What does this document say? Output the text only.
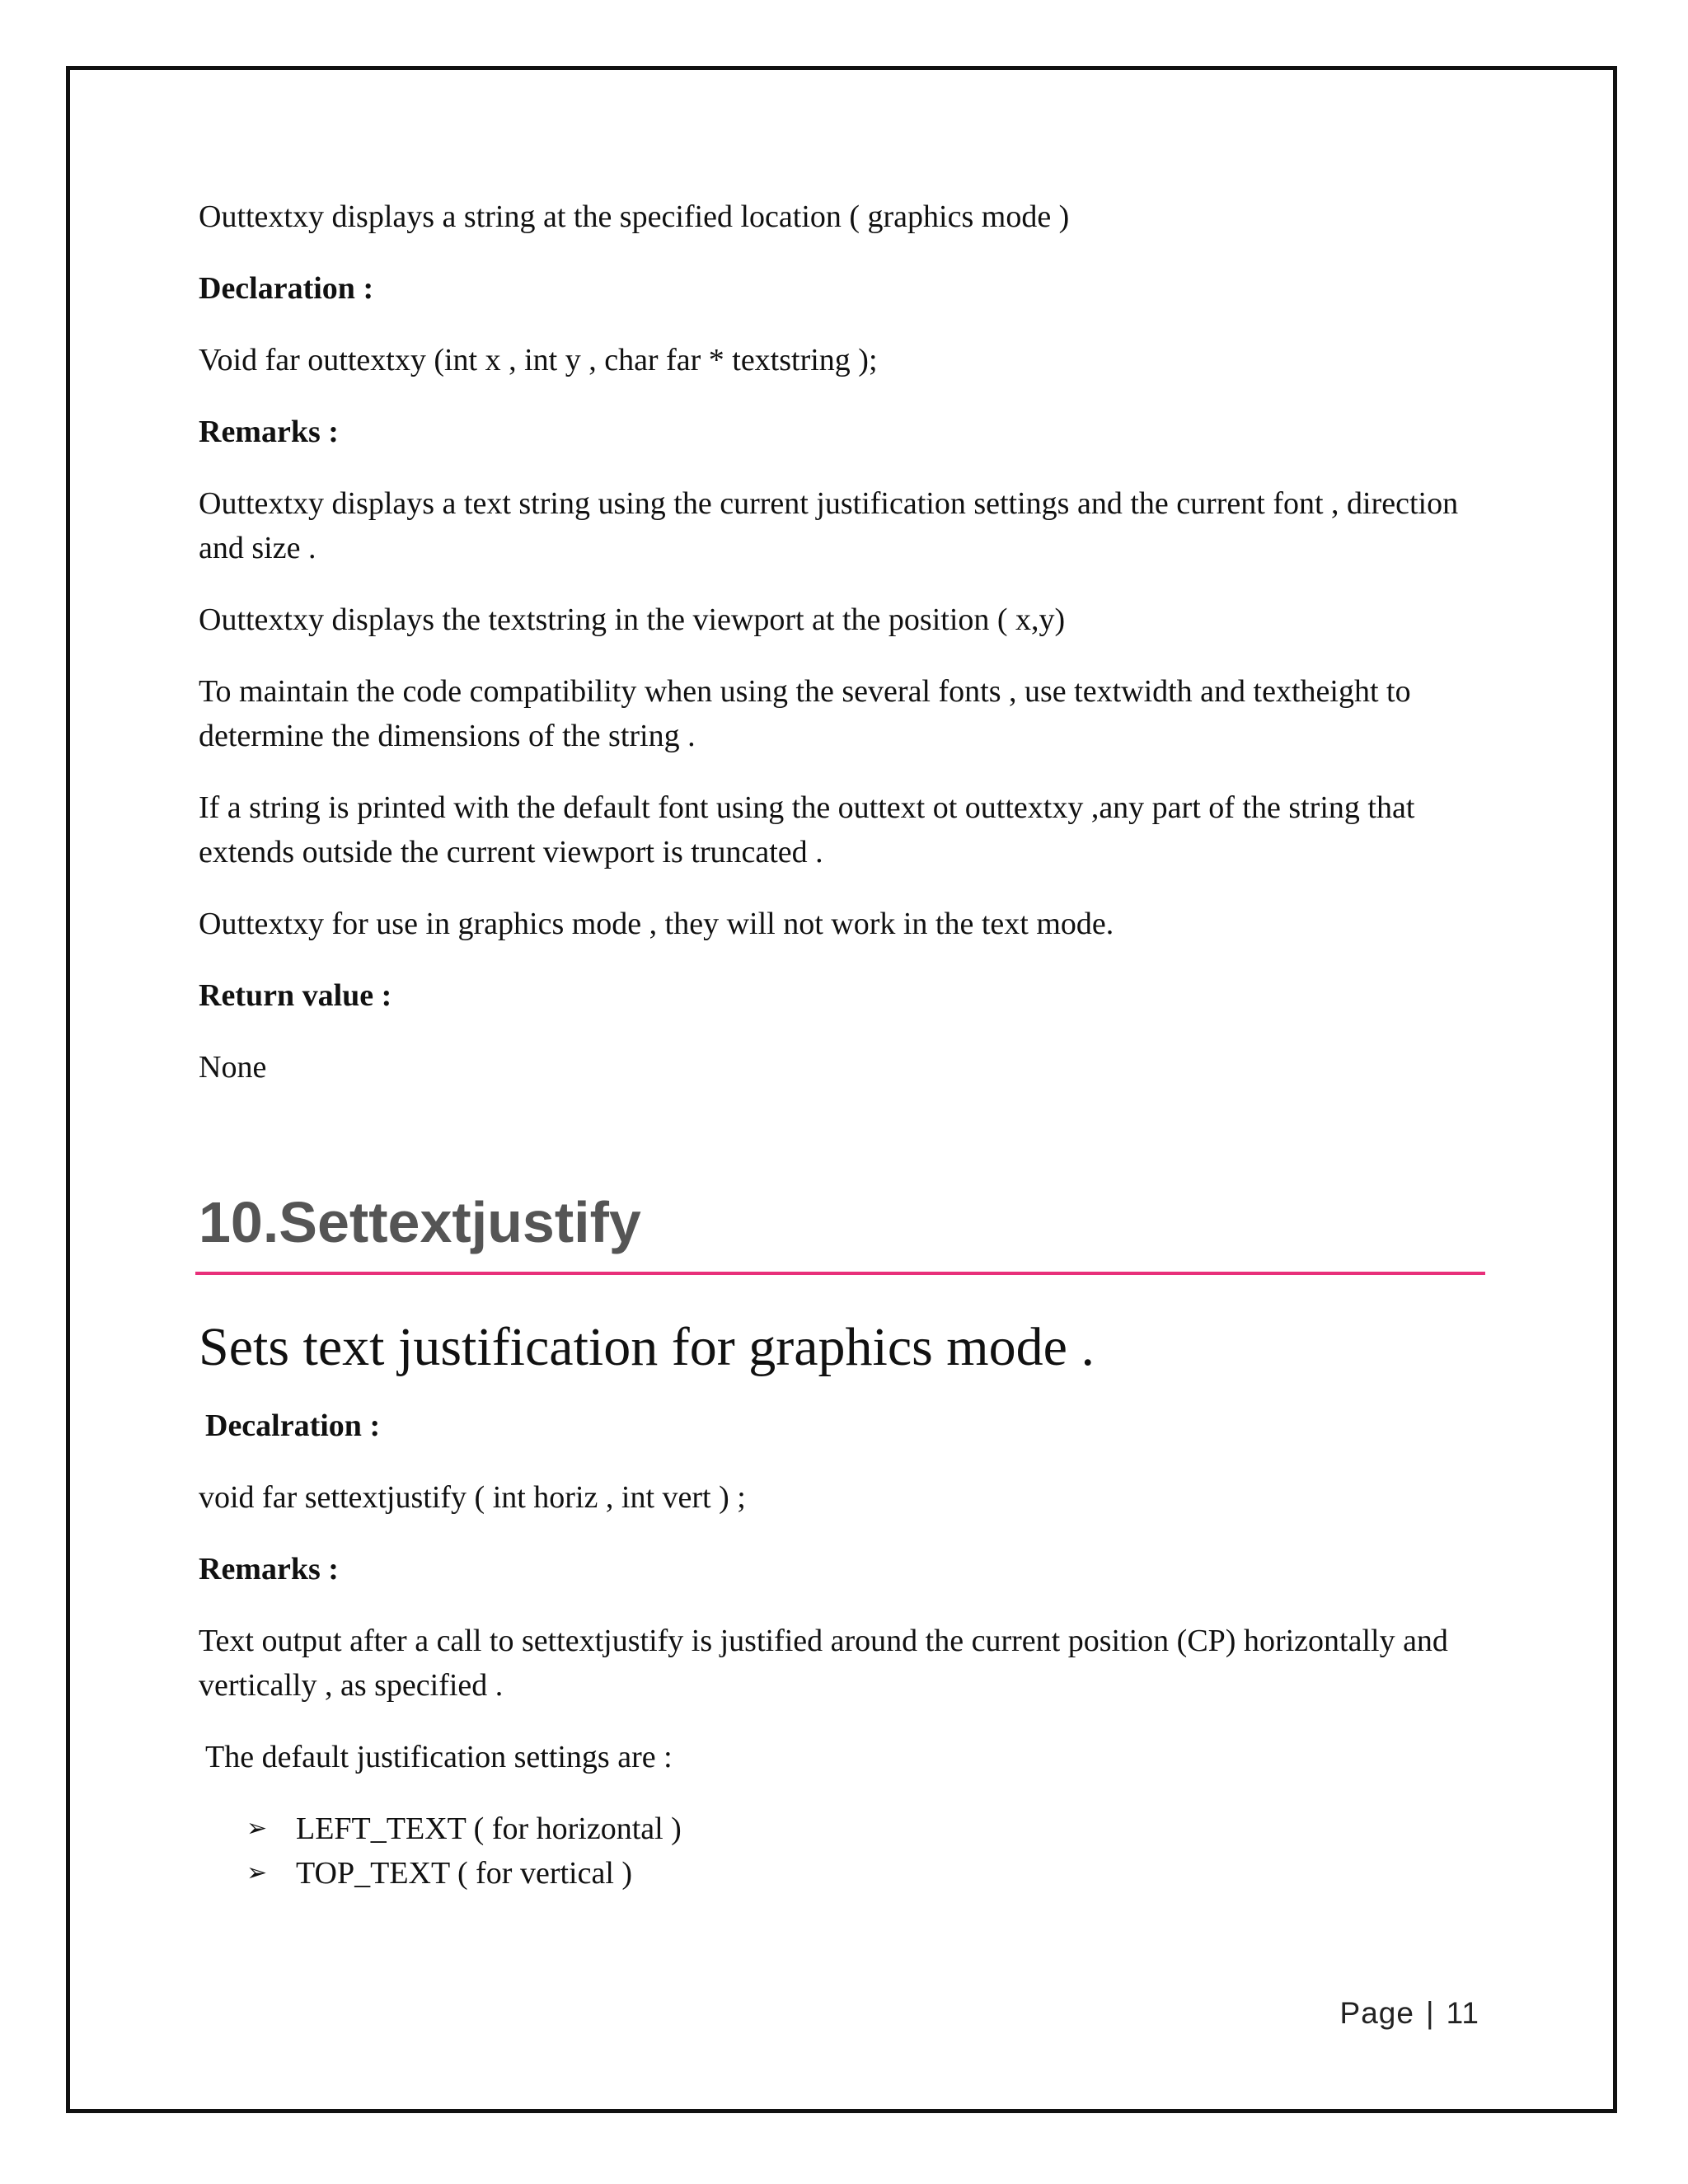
Outtextxy displays a string at the specified location ( graphics mode )

Declaration :

Void far outtextxy (int x , int y , char far * textstring );

Remarks :

Outtextxy displays a text string using the current justification settings and the current font , direction and size .

Outtextxy displays the textstring in the viewport at the position ( x,y)

To maintain the code compatibility when using the several fonts , use textwidth and textheight to determine the dimensions of the string .

If a string is printed with the default font using the outtext ot outtextxy ,any part of the string that extends outside the current viewport is truncated .

Outtextxy for use in graphics mode , they will not work in the text mode.

Return value :

None

10.Settextjustify

Sets text justification for graphics mode .

Decalration :

void far settextjustify ( int horiz , int vert ) ;

Remarks :

Text output after a call to settextjustify is justified around the current position (CP) horizontally and vertically , as specified .

The default justification settings are :

➢ LEFT_TEXT ( for horizontal )
➢ TOP_TEXT ( for vertical )
Page | 11
